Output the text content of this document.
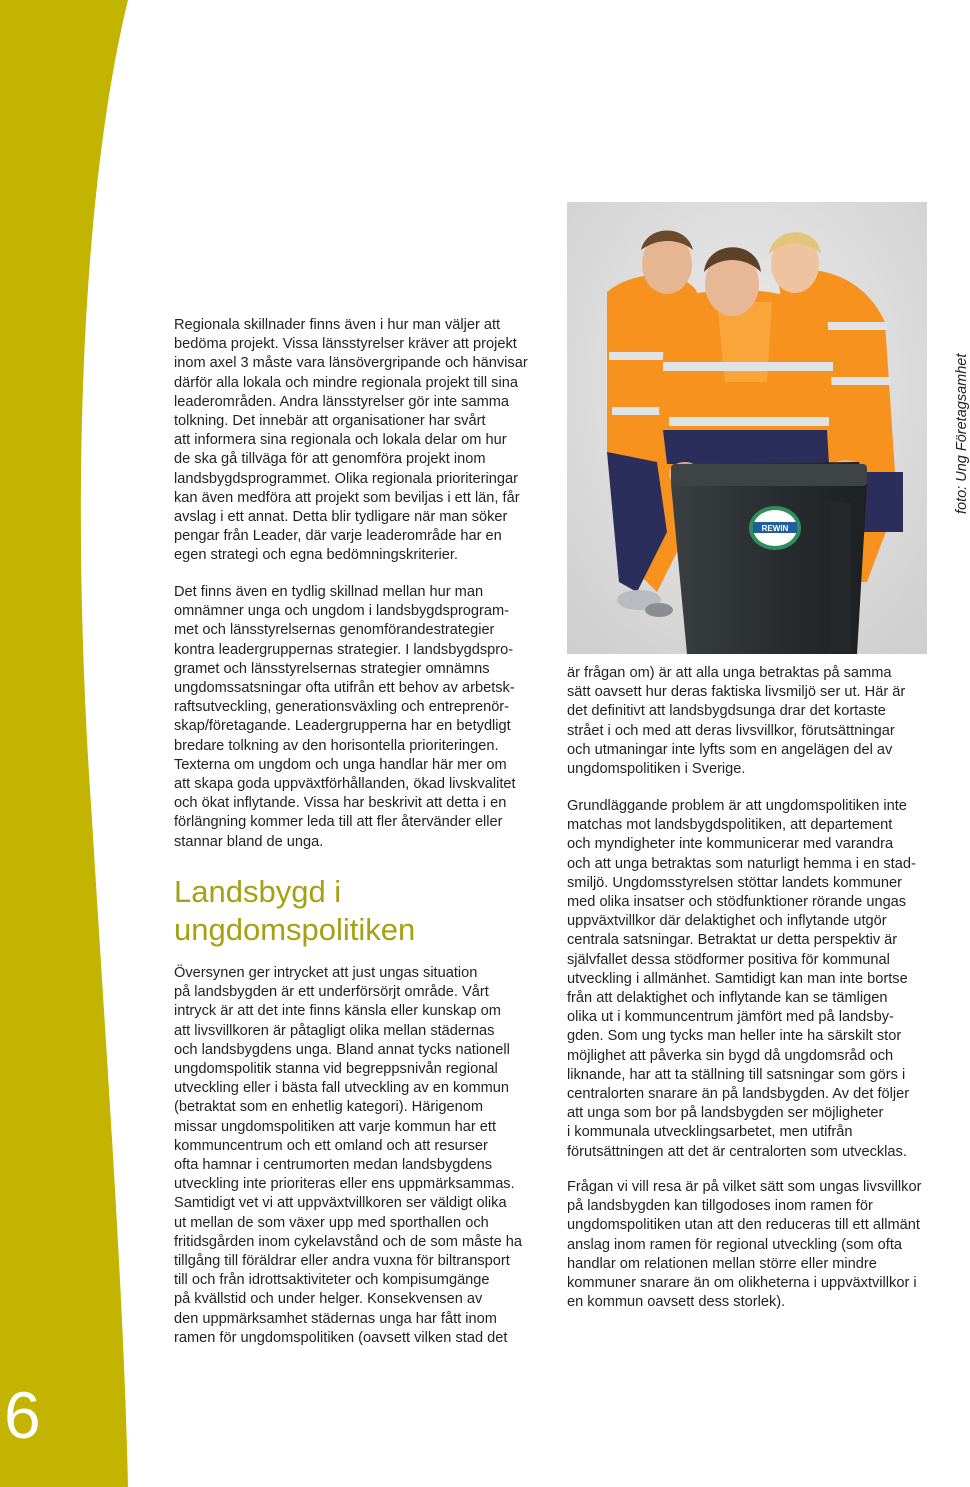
6
Regionala skillnader finns även i hur man väljer att
bedöma projekt. Vissa länsstyrelser kräver att projekt
inom axel 3 måste vara länsövergripande och hänvisar
därför alla lokala och mindre regionala projekt till sina
leaderområden. Andra länsstyrelser gör inte samma
tolkning. Det innebär att organisationer har svårt
att informera sina regionala och lokala delar om hur
de ska gå tillväga för att genomföra projekt inom
landsbygdsprogrammet. Olika regionala prioriteringar
kan även medföra att projekt som beviljas i ett län, får
avslag i ett annat. Detta blir tydligare när man söker
pengar från Leader, där varje leaderområde har en
egen strategi och egna bedömningskriterier.
Det finns även en tydlig skillnad mellan hur man
omnämner unga och ungdom i landsbygdsprogram-
met och länsstyrelsernas genomförandestrategier
kontra leadergruppernas strategier. I landsbygdspro-
gramet och länsstyrelsernas strategier omnämns
ungdomssatsningar ofta utifrån ett behov av arbetsk-
raftsutveckling, generationsväxling och entreprenör-
skap/företagande. Leadergrupperna har en betydligt
bredare tolkning av den horisontella prioriteringen.
Texterna om ungdom och unga handlar här mer om
att skapa goda uppväxtförhållanden, ökad livskvalitet
och ökat inflytande. Vissa har beskrivit att detta i en
förlängning kommer leda till att fler återvänder eller
stannar bland de unga.
Landsbygd i
ungdomspolitiken
Översynen ger intrycket att just ungas situation
på landsbygden är ett underförsörjt område. Vårt
intryck är att det inte finns känsla eller kunskap om
att livsvillkoren är påtagligt olika mellan städernas
och landsbygdens unga. Bland annat tycks nationell
ungdomspolitik stanna vid begreppsnivån regional
utveckling eller i bästa fall utveckling av en kommun
(betraktat som en enhetlig kategori). Härigenom
missar ungdomspolitiken att varje kommun har ett
kommuncentrum och ett omland och att resurser
ofta hamnar i centrumorten medan landsbygdens
utveckling inte prioriteras eller ens uppmärksammas.
Samtidigt vet vi att uppväxtvillkoren ser väldigt olika
ut mellan de som växer upp med sporthallen och
fritidsgården inom cykelavstånd och de som måste ha
tillgång till föräldrar eller andra vuxna för biltransport
till och från idrottsaktiviteter och kompisumgänge
på kvällstid och under helger. Konsekvensen av
den uppmärksamhet städernas unga har fått inom
ramen för ungdomspolitiken (oavsett vilken stad det
REWIN
foto: Ung Företagsamhet
är frågan om) är att alla unga betraktas på samma
sätt oavsett hur deras faktiska livsmiljö ser ut. Här är
det definitivt att landsbygdsunga drar det kortaste
strået i och med att deras livsvillkor, förutsättningar
och utmaningar inte lyfts som en angelägen del av
ungdomspolitiken i Sverige.
Grundläggande problem är att ungdomspolitiken inte
matchas mot landsbygdspolitiken, att departement
och myndigheter inte kommunicerar med varandra
och att unga betraktas som naturligt hemma i en stad-
smiljö. Ungdomsstyrelsen stöttar landets kommuner
med olika insatser och stödfunktioner rörande ungas
uppväxtvillkor där delaktighet och inflytande utgör
centrala satsningar. Betraktat ur detta perspektiv är
självfallet dessa stödformer positiva för kommunal
utveckling i allmänhet. Samtidigt kan man inte bortse
från att delaktighet och inflytande kan se tämligen
olika ut i kommuncentrum jämfört med på landsby-
gden. Som ung tycks man heller inte ha särskilt stor
möjlighet att påverka sin bygd då ungdomsråd och
liknande, har att ta ställning till satsningar som görs i
centralorten snarare än på landsbygden. Av det följer
att unga som bor på landsbygden ser möjligheter
i kommunala utvecklingsarbetet, men utifrån
förutsättningen att det är centralorten som utvecklas.
Frågan vi vill resa är på vilket sätt som ungas livsvillkor
på landsbygden kan tillgodoses inom ramen för
ungdomspolitiken utan att den reduceras till ett allmänt
anslag inom ramen för regional utveckling (som ofta
handlar om relationen mellan större eller mindre
kommuner snarare än om olikheterna i uppväxtvillkor i
en kommun oavsett dess storlek).
